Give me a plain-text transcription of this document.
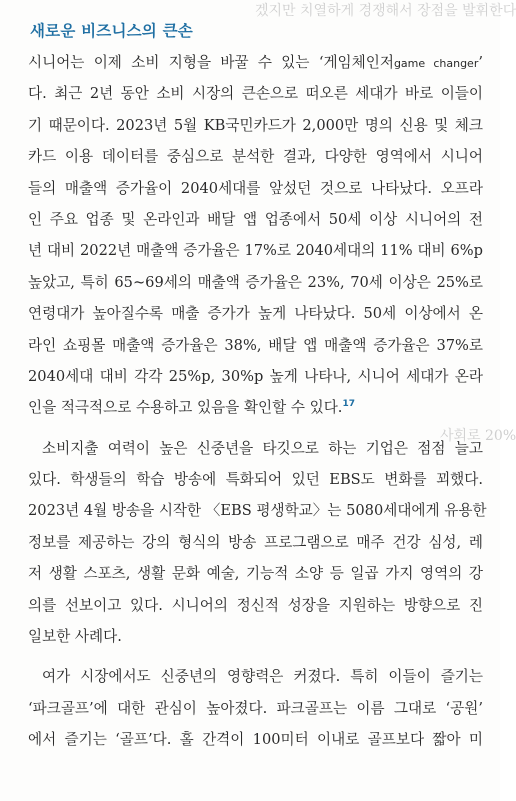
겠지만 치열하게 경쟁해서 장점을 발휘한다
사회로 20%
새로운 비즈니스의 큰손
시니어는 이제 소비 지형을 바꿀 수 있는 ‘게임체인저game changer’
다. 최근 2년 동안 소비 시장의 큰손으로 떠오른 세대가 바로 이들이
기 때문이다. 2023년 5월 KB국민카드가 2,000만 명의 신용 및 체크
카드 이용 데이터를 중심으로 분석한 결과, 다양한 영역에서 시니어
들의 매출액 증가율이 2040세대를 앞섰던 것으로 나타났다. 오프라
인 주요 업종 및 온라인과 배달 앱 업종에서 50세 이상 시니어의 전
년 대비 2022년 매출액 증가율은 17%로 2040세대의 11% 대비 6%p
높았고, 특히 65~69세의 매출액 증가율은 23%, 70세 이상은 25%로
연령대가 높아질수록 매출 증가가 높게 나타났다. 50세 이상에서 온
라인 쇼핑몰 매출액 증가율은 38%, 배달 앱 매출액 증가율은 37%로
2040세대 대비 각각 25%p, 30%p 높게 나타나, 시니어 세대가 온라
인을 적극적으로 수용하고 있음을 확인할 수 있다.17
소비지출 여력이 높은 신중년을 타깃으로 하는 기업은 점점 늘고
있다. 학생들의 학습 방송에 특화되어 있던 EBS도 변화를 꾀했다.
2023년 4월 방송을 시작한 〈EBS 평생학교〉는 5080세대에게 유용한
정보를 제공하는 강의 형식의 방송 프로그램으로 매주 건강 심성, 레
저 생활 스포츠, 생활 문화 예술, 기능적 소양 등 일곱 가지 영역의 강
의를 선보이고 있다. 시니어의 정신적 성장을 지원하는 방향으로 진
일보한 사례다.
여가 시장에서도 신중년의 영향력은 커졌다. 특히 이들이 즐기는
‘파크골프’에 대한 관심이 높아졌다. 파크골프는 이름 그대로 ‘공원’
에서 즐기는 ‘골프’다. 홀 간격이 100미터 이내로 골프보다 짧아 미
